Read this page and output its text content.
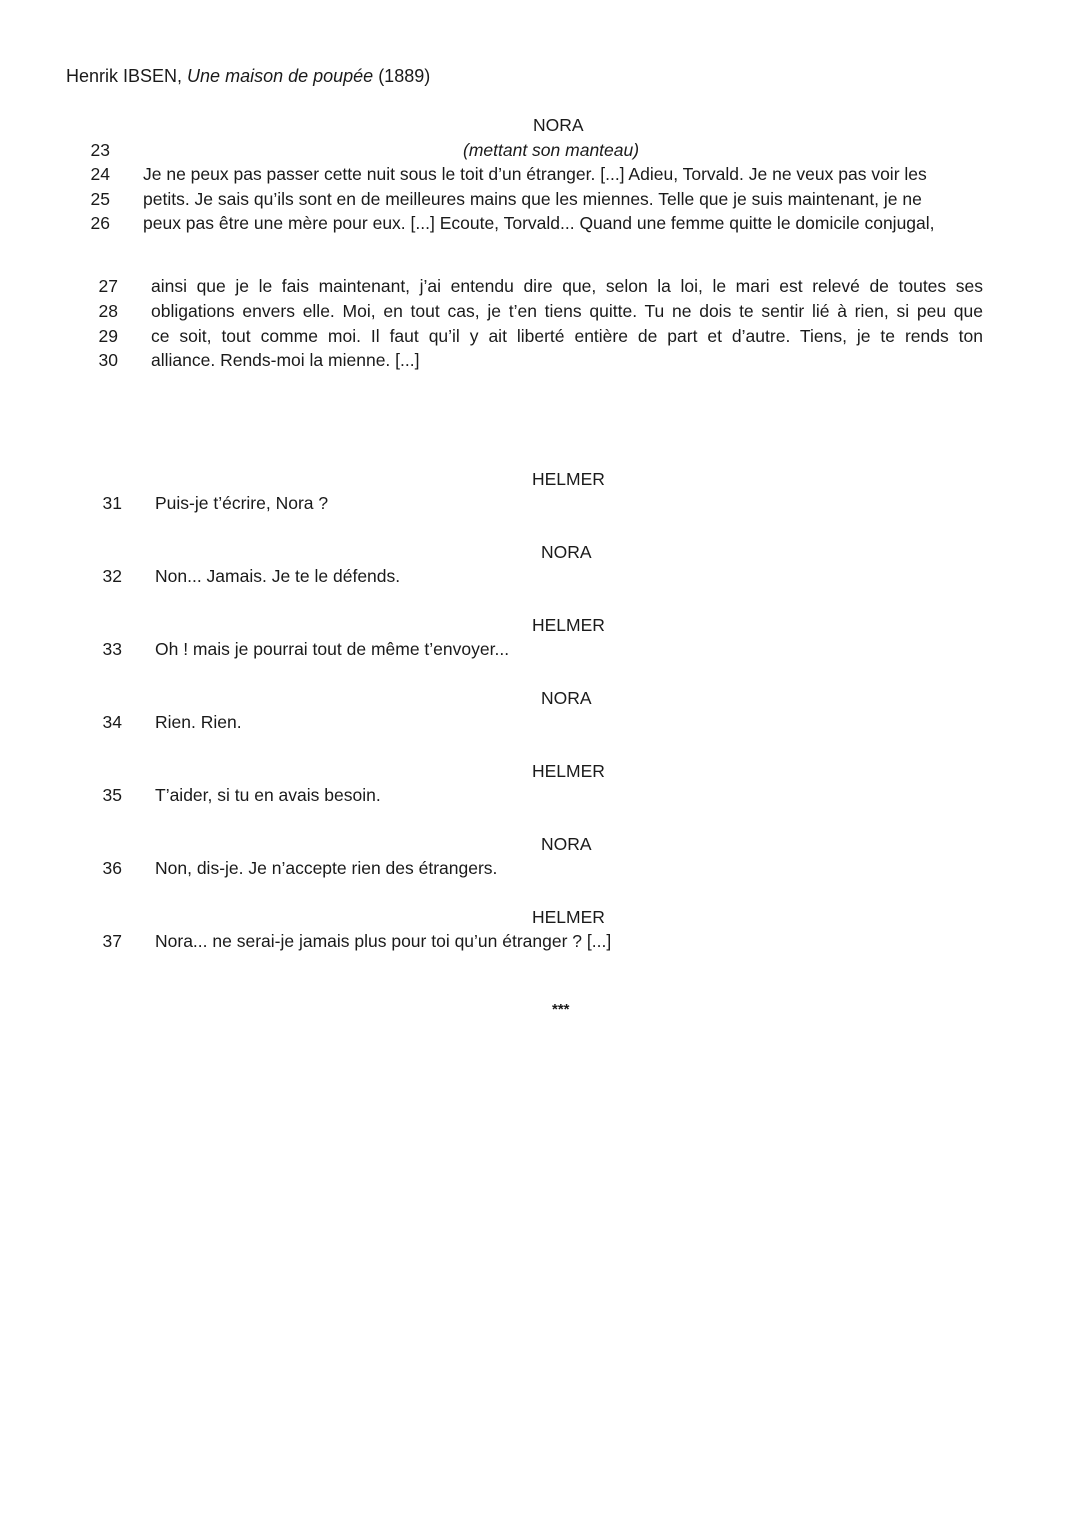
Henrik IBSEN, Une maison de poupée (1889)
NORA
(mettant son manteau)
23
24 Je ne peux pas passer cette nuit sous le toit d’un étranger. [...] Adieu, Torvald. Je ne veux pas voir les
25 petits. Je sais qu’ils sont en de meilleures mains que les miennes. Telle que je suis maintenant, je ne
26 peux pas être une mère pour eux. [...] Ecoute, Torvald... Quand une femme quitte le domicile conjugal,
27 ainsi que je le fais maintenant, j’ai entendu dire que, selon la loi, le mari est relevé de toutes ses
28 obligations envers elle. Moi, en tout cas, je t’en tiens quitte. Tu ne dois te sentir lié à rien, si peu que
29 ce soit, tout comme moi. Il faut qu’il y ait liberté entière de part et d’autre. Tiens, je te rends ton
30 alliance. Rends-moi la mienne. [...]
HELMER
31 Puis-je t’écrire, Nora ?
NORA
32 Non... Jamais. Je te le défends.
HELMER
33 Oh ! mais je pourrai tout de même t’envoyer...
NORA
34 Rien. Rien.
HELMER
35 T’aider, si tu en avais besoin.
NORA
36 Non, dis-je. Je n’accepte rien des étrangers.
HELMER
37 Nora... ne serai-je jamais plus pour toi qu’un étranger ? [...]
***
